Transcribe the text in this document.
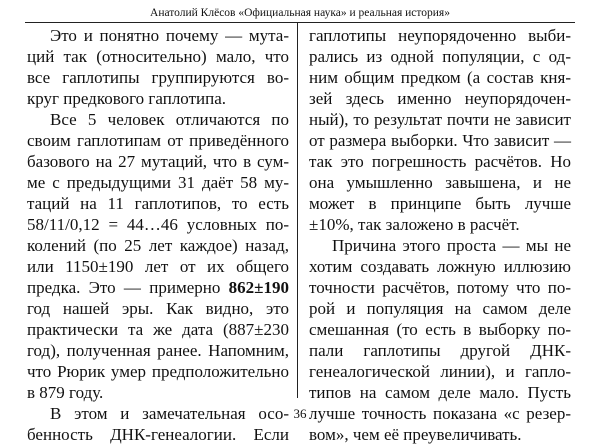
Анатолий Клёсов «Официальная наука» и реальная история»
Это и понятно почему — мута-
ций так (относительно) мало, что
все гаплотипы группируются во-
круг предкового гаплотипа.
Все 5 человек отличаются по
своим гаплотипам от приведённого
базового на 27 мутаций, что в сум-
ме с предыдущими 31 даёт 58 му-
таций на 11 гаплотипов, то есть
58/11/0,12 = 44…46 условных по-
колений (по 25 лет каждое) назад,
или 1150±190 лет от их общего
предка. Это — примерно 862±190
год нашей эры. Как видно, это
практически та же дата (887±230
год), полученная ранее. Напомним,
что Рюрик умер предположительно
в 879 году.
В этом и замечательная осо-
бенность ДНК-генеалогии. Если
гаплотипы неупорядоченно выби-
рались из одной популяции, с од-
ним общим предком (а состав кня-
зей здесь именно неупорядочен-
ный), то результат почти не зависит
от размера выборки. Что зависит —
так это погрешность расчётов. Но
она умышленно завышена, и не
может в принципе быть лучше
±10%, так заложено в расчёт.
Причина этого проста — мы не
хотим создавать ложную иллюзию
точности расчётов, потому что по-
рой и популяция на самом деле
смешанная (то есть в выборку по-
пали гаплотипы другой ДНК-
генеалогической линии), и гапло-
типов на самом деле мало. Пусть
лучше точность показана «с резер-
вом», чем её преувеличивать.
36
